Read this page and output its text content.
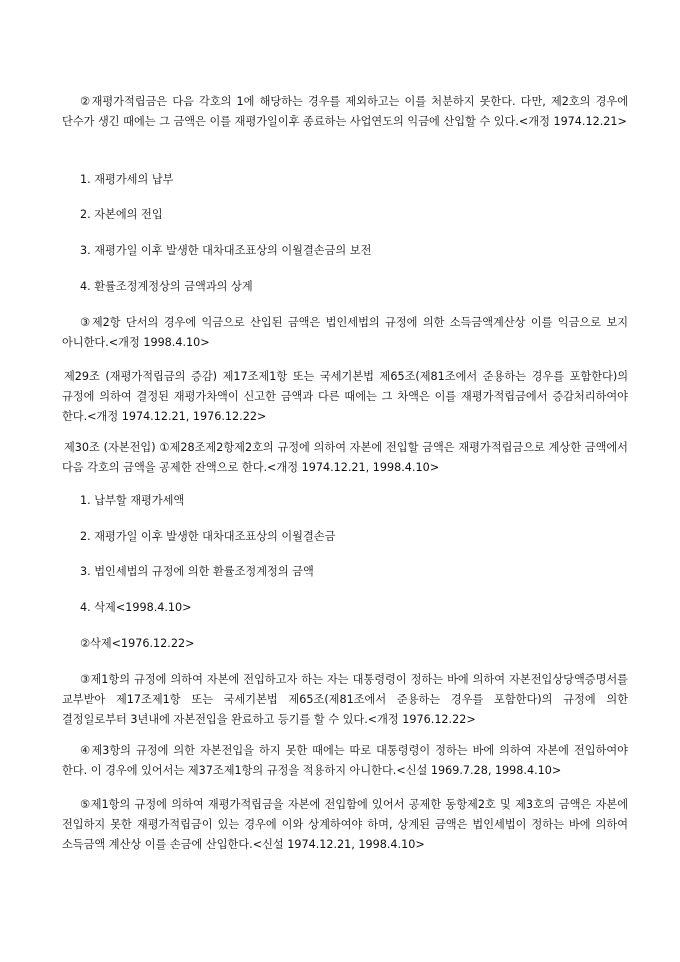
②재평가적립금은 다음 각호의 1에 해당하는 경우를 제외하고는 이를 처분하지 못한다. 다만, 제2호의 경우에 단수가 생긴 때에는 그 금액은 이를 재평가일이후 종료하는 사업연도의 익금에 산입할 수 있다.<개정 1974.12.21>

1. 재평가세의 납부

2. 자본에의 전입

3. 재평가일 이후 발생한 대차대조표상의 이월결손금의 보전

4. 환률조정계정상의 금액과의 상계

③제2항 단서의 경우에 익금으로 산입된 금액은 법인세법의 규정에 의한 소득금액계산상 이를 익금으로 보지 아니한다.<개정 1998.4.10>

제29조 (재평가적립금의 증감) 제17조제1항 또는 국세기본법 제65조(제81조에서 준용하는 경우를 포함한다)의 규정에 의하여 결정된 재평가차액이 신고한 금액과 다른 때에는 그 차액은 이를 재평가적립금에서 증감처리하여야 한다.<개정 1974.12.21, 1976.12.22>

제30조 (자본전입) ①제28조제2항제2호의 규정에 의하여 자본에 전입할 금액은 재평가적립금으로 계상한 금액에서 다음 각호의 금액을 공제한 잔액으로 한다.<개정 1974.12.21, 1998.4.10>

1. 납부할 재평가세액

2. 재평가일 이후 발생한 대차대조표상의 이월결손금

3. 법인세법의 규정에 의한 환률조정계정의 금액

4. 삭제<1998.4.10>

②삭제<1976.12.22>

③제1항의 규정에 의하여 자본에 전입하고자 하는 자는 대통령령이 정하는 바에 의하여 자본전입상당액증명서를 교부받아 제17조제1항 또는 국세기본법 제65조(제81조에서 준용하는 경우를 포함한다)의 규정에 의한 결정일로부터 3년내에 자본전입을 완료하고 등기를 할 수 있다.<개정 1976.12.22>

④제3항의 규정에 의한 자본전입을 하지 못한 때에는 따로 대통령령이 정하는 바에 의하여 자본에 전입하여야 한다. 이 경우에 있어서는 제37조제1항의 규정을 적용하지 아니한다.<신설 1969.7.28, 1998.4.10>

⑤제1항의 규정에 의하여 재평가적립금을 자본에 전입함에 있어서 공제한 동항제2호 및 제3호의 금액은 자본에 전입하지 못한 재평가적립금이 있는 경우에 이와 상계하여야 하며, 상계된 금액은 법인세법이 정하는 바에 의하여 소득금액 계산상 이를 손금에 산입한다.<신설 1974.12.21, 1998.4.10>
